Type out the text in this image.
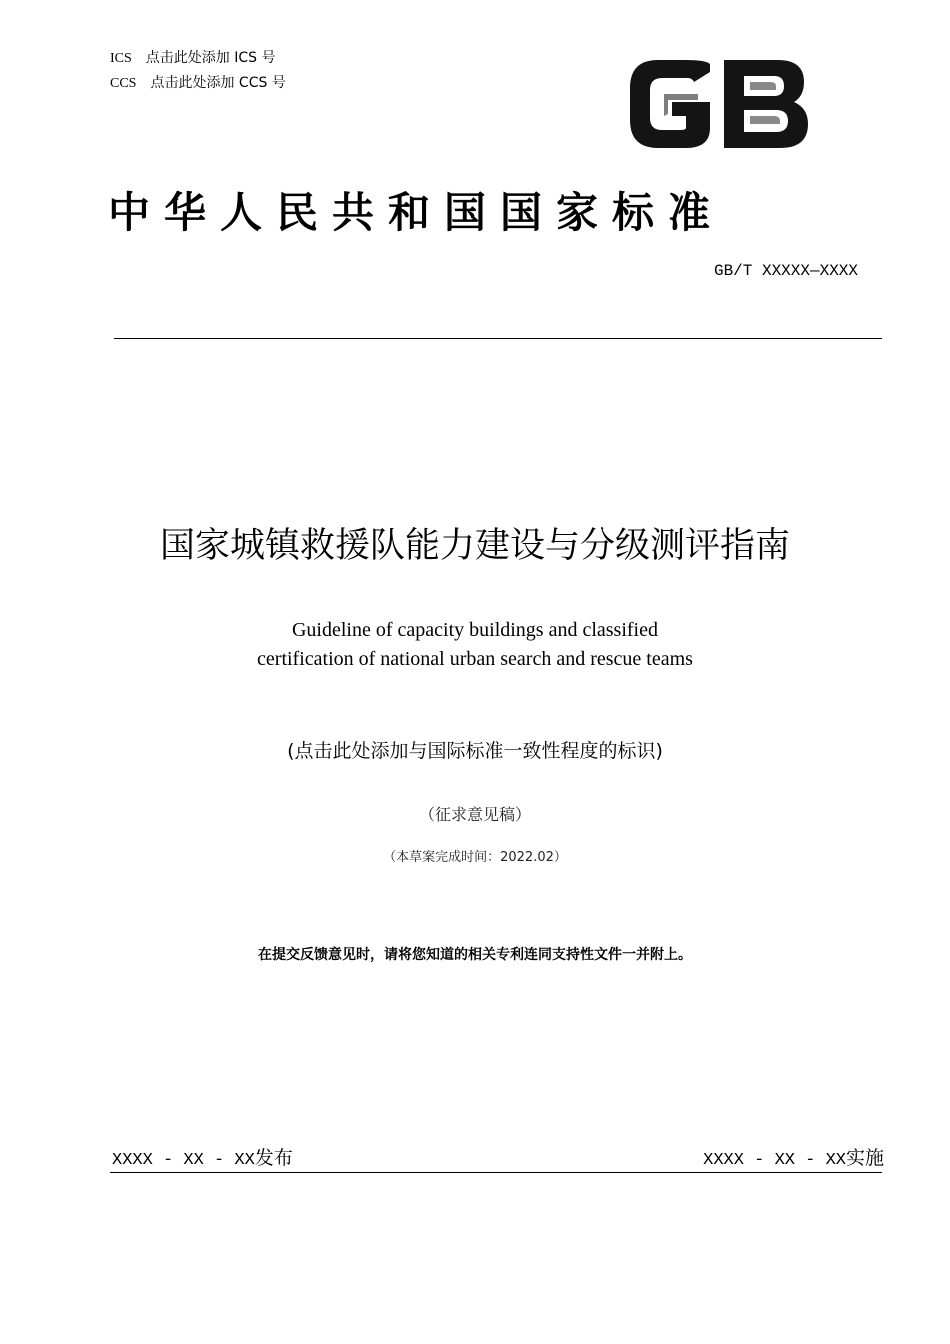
ICS 点击此处添加 ICS 号
CCS 点击此处添加 CCS 号
中华人民共和国国家标准
GB/T XXXXX—XXXX
国家城镇救援队能力建设与分级测评指南
Guideline of capacity buildings and classified
certification of national urban search and rescue teams
(点击此处添加与国际标准一致性程度的标识)
（征求意见稿）
（本草案完成时间：2022.02）
在提交反馈意见时，请将您知道的相关专利连同支持性文件一并附上。
XXXX - XX - XX发布	XXXX - XX - XX实施
